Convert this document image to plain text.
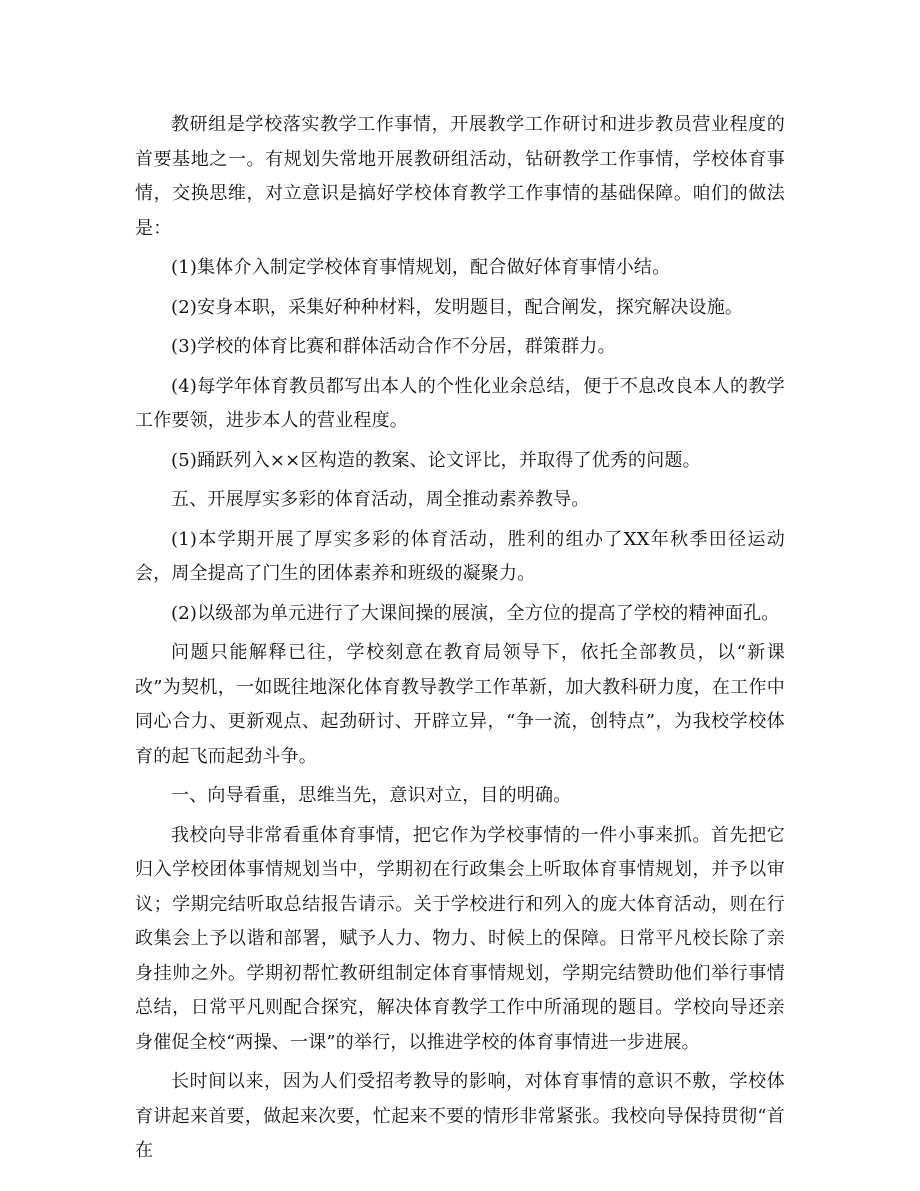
教研组是学校落实教学工作事情，开展教学工作研讨和进步教员营业程度的首要基地之一。有规划失常地开展教研组活动，钻研教学工作事情，学校体育事情，交换思维，对立意识是搞好学校体育教学工作事情的基础保障。咱们的做法是：

(1)集体介入制定学校体育事情规划，配合做好体育事情小结。

(2)安身本职，采集好种种材料，发明题目，配合阐发，探究解决设施。

(3)学校的体育比赛和群体活动合作不分居，群策群力。

(4)每学年体育教员都写出本人的个性化业余总结，便于不息改良本人的教学工作要领，进步本人的营业程度。

(5)踊跃列入××区构造的教案、论文评比，并取得了优秀的问题。

五、开展厚实多彩的体育活动，周全推动素养教导。

(1)本学期开展了厚实多彩的体育活动，胜利的组办了XX年秋季田径运动会，周全提高了门生的团体素养和班级的凝聚力。

(2)以级部为单元进行了大课间操的展演，全方位的提高了学校的精神面孔。

问题只能解释已往，学校刻意在教育局领导下，依托全部教员，以“新课改”为契机，一如既往地深化体育教导教学工作革新，加大教科研力度，在工作中同心合力、更新观点、起劲研讨、开辟立异，“争一流，创特点”，为我校学校体育的起飞而起劲斗争。

一、向导看重，思维当先，意识对立，目的明确。

我校向导非常看重体育事情，把它作为学校事情的一件小事来抓。首先把它归入学校团体事情规划当中，学期初在行政集会上听取体育事情规划，并予以审议；学期完结听取总结报告请示。关于学校进行和列入的庞大体育活动，则在行政集会上予以谐和部署，赋予人力、物力、时候上的保障。日常平凡校长除了亲身挂帅之外。学期初帮忙教研组制定体育事情规划，学期完结赞助他们举行事情总结，日常平凡则配合探究，解决体育教学工作中所涌现的题目。学校向导还亲身催促全校“两操、一课”的举行，以推进学校的体育事情进一步进展。

长时间以来，因为人们受招考教导的影响，对体育事情的意识不敷，学校体育讲起来首要，做起来次要，忙起来不要的情形非常紧张。我校向导保持贯彻“首在
